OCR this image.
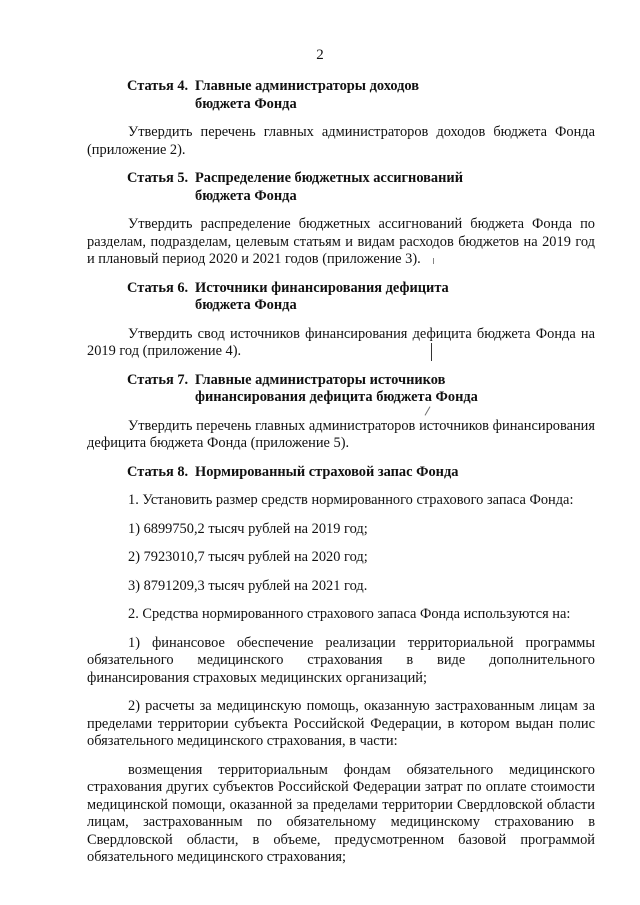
2
Статья 4. Главные администраторы доходов
бюджета Фонда

Утвердить перечень главных администраторов доходов бюджета Фонда (приложение 2).

Статья 5. Распределение бюджетных ассигнований
бюджета Фонда

Утвердить распределение бюджетных ассигнований бюджета Фонда по разделам, подразделам, целевым статьям и видам расходов бюджетов на 2019 год и плановый период 2020 и 2021 годов (приложение 3).

Статья 6. Источники финансирования дефицита
бюджета Фонда

Утвердить свод источников финансирования дефицита бюджета Фонда на 2019 год (приложение 4).

Статья 7. Главные администраторы источников
финансирования дефицита бюджета Фонда

Утвердить перечень главных администраторов источников финансирования дефицита бюджета Фонда (приложение 5).

Статья 8. Нормированный страховой запас Фонда

1. Установить размер средств нормированного страхового запаса Фонда:

1) 6899750,2 тысяч рублей на 2019 год;

2) 7923010,7 тысяч рублей на 2020 год;

3) 8791209,3 тысяч рублей на 2021 год.

2. Средства нормированного страхового запаса Фонда используются на:

1) финансовое обеспечение реализации территориальной программы обязательного медицинского страхования в виде дополнительного финансирования страховых медицинских организаций;

2) расчеты за медицинскую помощь, оказанную застрахованным лицам за пределами территории субъекта Российской Федерации, в котором выдан полис обязательного медицинского страхования, в части:

возмещения территориальным фондам обязательного медицинского страхования других субъектов Российской Федерации затрат по оплате стоимости медицинской помощи, оказанной за пределами территории Свердловской области лицам, застрахованным по обязательному медицинскому страхованию в Свердловской области, в объеме, предусмотренном базовой программой обязательного медицинского страхования;
